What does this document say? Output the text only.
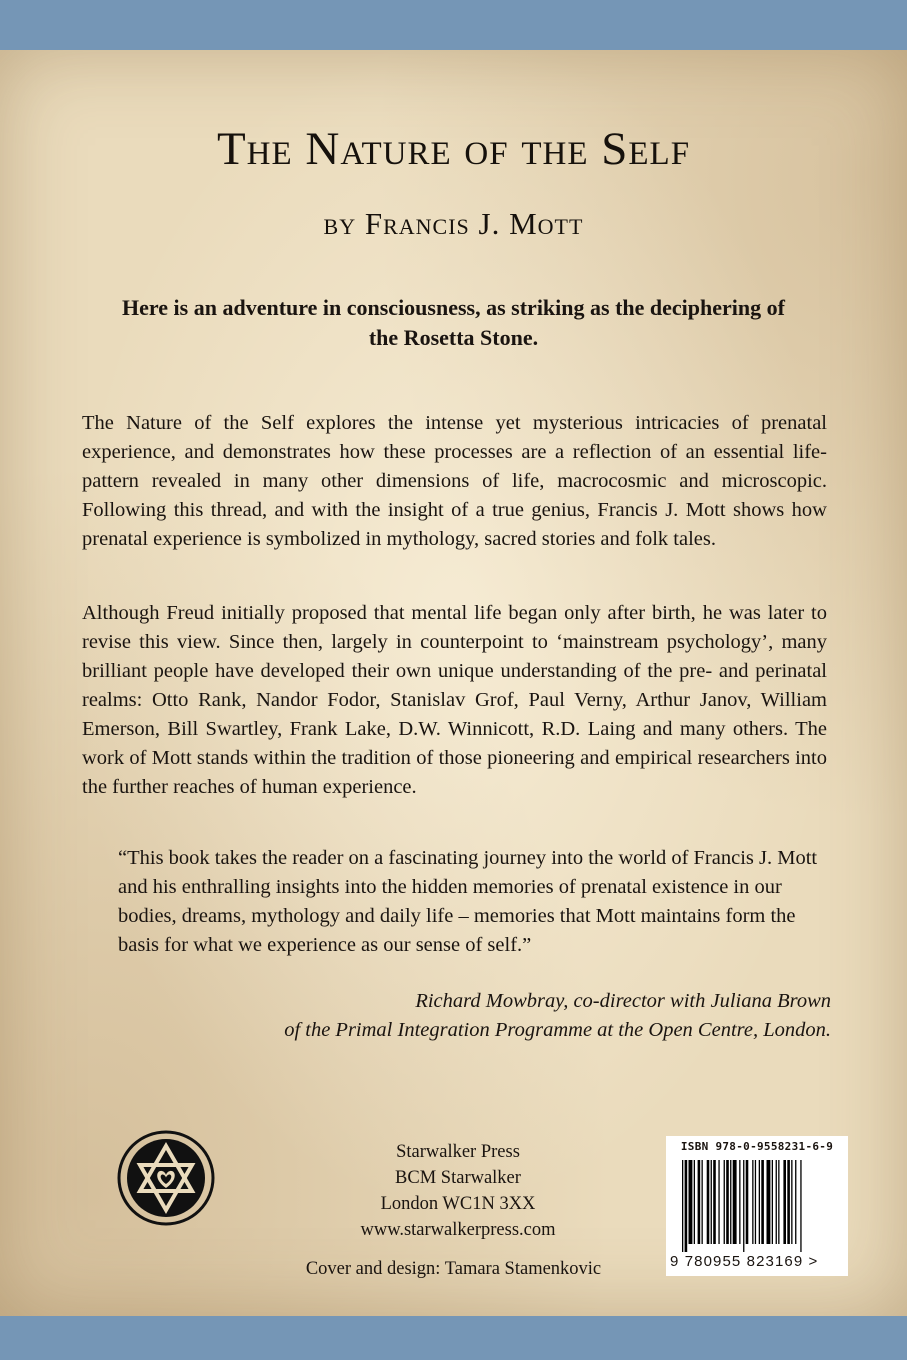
The Nature of the Self
by Francis J. Mott
Here is an adventure in consciousness, as striking as the deciphering of the Rosetta Stone.
The Nature of the Self explores the intense yet mysterious intricacies of prenatal experience, and demonstrates how these processes are a reflection of an essential life-pattern revealed in many other dimensions of life, macrocosmic and microscopic. Following this thread, and with the insight of a true genius, Francis J. Mott shows how prenatal experience is symbolized in mythology, sacred stories and folk tales.
Although Freud initially proposed that mental life began only after birth, he was later to revise this view. Since then, largely in counterpoint to ‘mainstream psychology’, many brilliant people have developed their own unique understanding of the pre- and perinatal realms: Otto Rank, Nandor Fodor, Stanislav Grof, Paul Verny, Arthur Janov, William Emerson, Bill Swartley, Frank Lake, D.W. Winnicott, R.D. Laing and many others. The work of Mott stands within the tradition of those pioneering and empirical researchers into the further reaches of human experience.
“This book takes the reader on a fascinating journey into the world of Francis J. Mott and his enthralling insights into the hidden memories of prenatal existence in our bodies, dreams, mythology and daily life – memories that Mott maintains form the basis for what we experience as our sense of self.”
Richard Mowbray, co-director with Juliana Brown
of the Primal Integration Programme at the Open Centre, London.
Starwalker Press
BCM Starwalker
London WC1N 3XX
www.starwalkerpress.com
Cover and design: Tamara Stamenkovic
ISBN 978-0-9558231-6-9
9 780955 823169 >
